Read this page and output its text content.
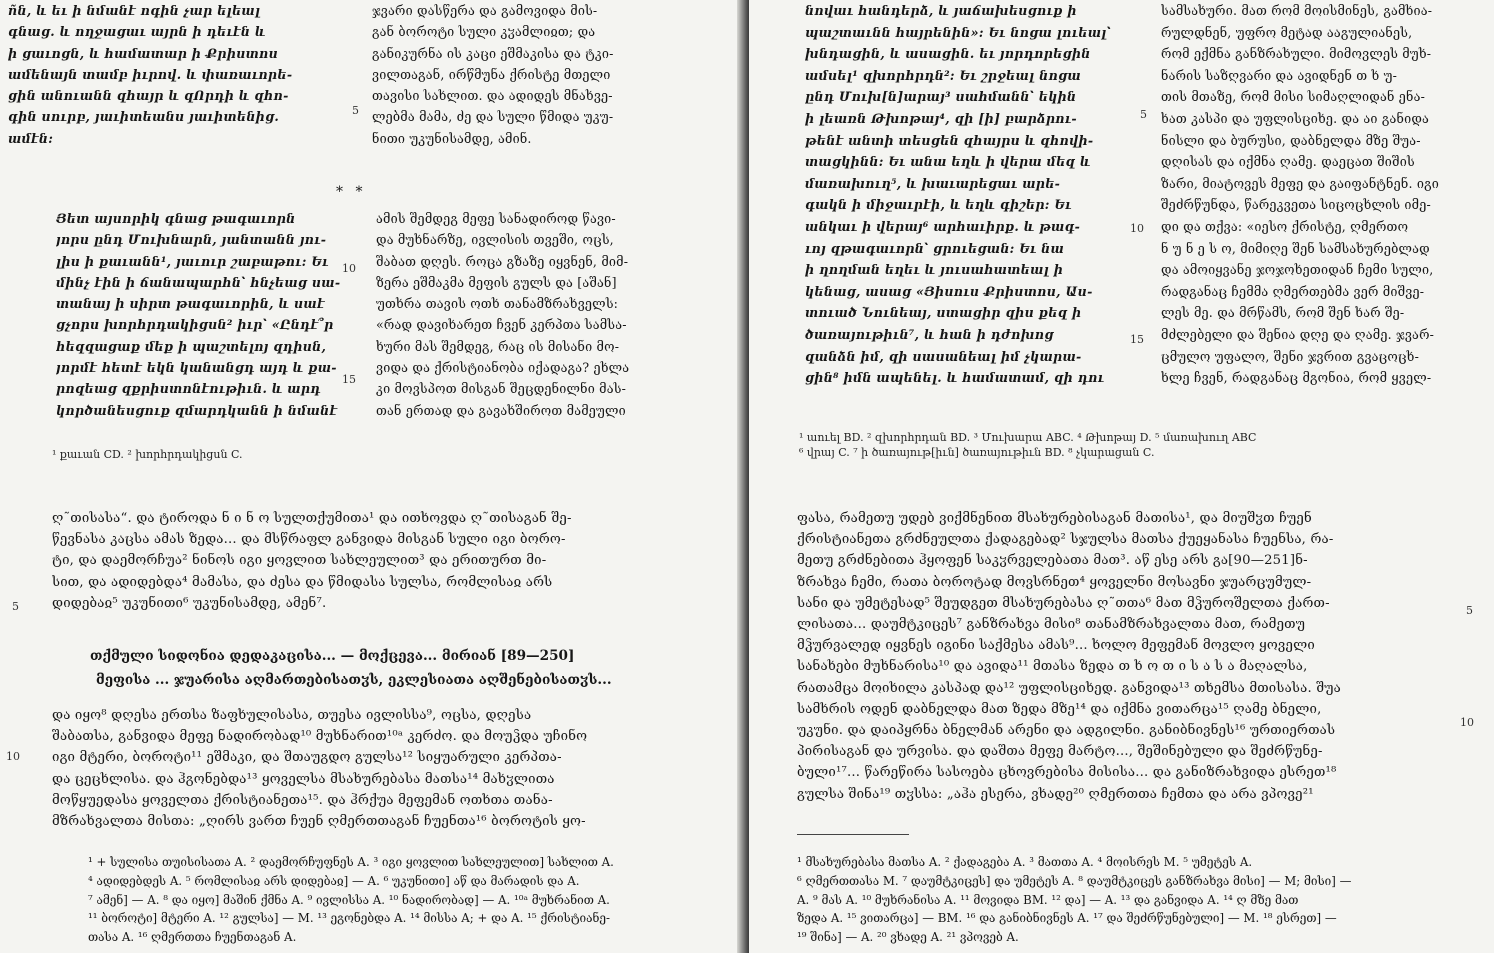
ñն, և եւ ի նմանէ ոգին չար ելեալ
գնաց. և ողջացաւ այրն ի դեւէն և
ի ցաւոցն, և համատար ի Քրիստոս
ամենայն տամբ իւրով. և փառաւորե-
ցին անուանն զհայր և զՈրդի և զհո-
գին սուրբ, յաւիտեանս յաւիտենից.
ամէն:
ჯვარი დასწერა და გამოვიდა მის-
გან ბოროტი სული კჳამლიჲთ; და
განიკურნა ის კაცი ეშმაკისა და ტკი-
ვილთაგან, ირწმუნა ქრისტე მთელი
თავისი სახლით. და ადიდეს მნახვე-
ლებმა მამა, ძე და სული წმიდა უკუ-
ნითი უკუნისამდე, ამინ.
5
* *
Յետ այսորիկ գնաց թագաւորն
յորս ընդ Մուխնարն, յանտանն յու-
լիս ի քաւանն¹, յաւուր շաբաթու: Եւ
մինչ էին ի ճանապարհն՝ հնչեաց սա-
տանայ ի սիրտ թագաւորին, և սաէ
ցչորս խորհրդակիցսն² իւր՝ «Ընդէ՞ր
հեզզացաք մեք ի պաշտելոյ զդիսն,
յորմէ հետէ եկն կանանցդ այդ և քա-
րոզեաց զքրիստոնէութիւն. և արդ
կործանեսցուք զմարդկանն ի նմանէ
10
15
ამის შემდეგ მეფე სანადიროდ წავი-
და მუხნარზე, ივლისის თვეში, ოცს,
შაბათ დღეს. როცა გზაზე იყვნენ, მიმ-
ზერა ეშმაკმა მეფის გულს და [აშან]
უთხრა თავის ოთხ თანამზრახველს:
«რად დავიხარეთ ჩვენ კერპთა სამსა-
ხური მას შემდეგ, რაც ის მისანი მო-
ვიდა და ქრისტიანობა იქადაგა? ეხლა
კი მოვსპოთ მისგან შეცდენილნი მას-
თან ერთად და გავახშიროთ მამეული
¹ քաւան CD. ² խորհրդակիցսն C.
ღ˜თისასა“. და ტიროდა ნ ი ნ ო სულთქუმითა¹ და ითხოვდა ღ˜თისაგან შე-
წევნასა კაცსა ამას ზედა... და მსწრაფლ განვიდა მისგან სული იგი ბორო-
ტი, და დაემორჩუა² ნინოს იგი ყოვლით სახლეულით³ და ერითურთ მი-
სით, და ადიდებდა⁴ მამასა, და ძესა და წმიდასა სულსა, რომლისაჲ არს
დიდებაჲ⁵ უკუნითი⁶ უკუნისამდე, ამენ⁷.
5
თქმული სიდონია დედაკაცისა... — მოქცევა... მირიან [89—250]
მეფისა ... ჯუარისა აღმართებისათჳს, ეკლესიათა აღშენებისათჳს...
და იყო⁸ დღესა ერთსა ზაფხულისასა, თუესა ივლისსა⁹, ოცსა, დღესა
შაბათსა, განვიდა მეფე ნადირობად¹⁰ მუხნარით¹⁰ᵃ კერძო. და მოუჴდა უჩინო
იგი მტერი, ბოროტი¹¹ ეშმაკი, და შთაუგდო გულსა¹² სიყუარული კერპთა-
და ცეცხლისა. და ჰგონებდა¹³ ყოველსა მსახურებასა მათსა¹⁴ მახჳლითა
მოწყუედასა ყოველთა ქრისტიანეთა¹⁵. და ჰრქუა მეფემან ოთხთა თანა-
მზრახვალთა მისთა: „ღირს ვართ ჩუენ ღმერთთაგან ჩუენთა¹⁶ ბოროტის ყო-
10
¹ + სულისა თუისისათა A. ² დაემორჩუფნეს A. ³ იგი ყოვლით სახლეულით] სახლით A.
⁴ ადიდებდეს A. ⁵ რომლისაჲ არს დიდებაჲ] — A. ⁶ უკუნითი] აწ და მარადის და A.
⁷ ამენ] — A. ⁸ და იყო] მაშინ ქმნა A. ⁹ ივლისსა A. ¹⁰ ნადირობად] — A. ¹⁰ᵃ მუხრანით A.
¹¹ ბოროტი] მტერი A. ¹² გულსა] — M. ¹³ ეგონებდა A. ¹⁴ მისსა A; + და A. ¹⁵ ქრისტიანე-
თასა A. ¹⁶ ღმერთთა ჩუენთაგან A.
նովաւ հանդերձ, և յաճախեսցուք ի
պաշտաւնն հայրենին»: Եւ նոցա լուեալ՝
խնդացին, և ասացին. եւ յորդորեցին
ամսել¹ զխորհրդն²: Եւ շրջեալ նոցա
ընդ Մուխ[ն]արայ³ սահմանն՝ եկին
ի լեառն Թխոթայ⁴, զի [ի] բարձրու-
թենէ անտի տեսցեն զհայրս և զհովի-
տացկինն: Եւ անա եղև ի վերա մեզ և
մառախուղ⁵, և խաւարեցաւ արե-
գակն ի միջաւրէի, և եղև գիշեր: Եւ
անկաւ ի վերայ⁶ արհաւիրք. և թագ-
ւոյ զթագաւորն՝ ցրուեցան: Եւ նա
ի ղողման եղեւ և յուսահատեալ ի
կենաց, ասաց «Յիսուս Քրիստոս, Աս-
տուած Նունեայ, ստացիր զիս քեզ ի
ծառայութիւն⁷, և հան ի դժոխոց
զանձն իմ, զի սասանեալ իմ չկարա-
ցին⁸ իմն ապենել. և համատամ, զի դու
5
10
15
სამსახური. მათ რომ მოისმინეს, გამხია-
რულდნენ, უფრო მეტად ააგულიანეს,
რომ ექმნა განზრახული. მიმოვლეს მუხ-
ნარის საზღვარი და ავიდნენ თ ხ უ-
თის მთაზე, რომ მისი სიმაღლიდან ენა-
ხათ კასპი და უფლისციხე. და აი განიდა
ნისლი და ბურუსი, დაბნელდა მზე შუა-
დღისას და იქმნა ღამე. დაეცათ შიშის
ზარი, მიატოვეს მეფე და გაიფანტნენ. იგი
შეძრწუნდა, წარეკვეთა სიცოცხლის იმე-
დი და თქვა: «იესო ქრისტე, ღმერთო
ნ უ ნ ე ს ო, მიმიღე შენ სამსახურებლად
და ამოიყვანე ჯოჯოხეთიდან ჩემი სული,
რადგანაც ჩემმა ღმერთებმა ვერ მიშვე-
ლეს მე. და მრწამს, რომ შენ ხარ შე-
მძლებელი და შენია დღე და ღამე. ჯვარ-
ცმულო უფალო, შენი ჯვრით გვაცოცხ-
ხლე ჩვენ, რადგანაც მგონია, რომ ყველ-
¹ աուել BD. ² զխորհրդան BD. ³ Մուխարա ABC. ⁴ Թխոթայ D. ⁵ մառախուղ ABC
⁶ վրայ C. ⁷ ի ծառայութ[իւն] ծառայութիւն BD. ⁸ չկարացան C.
ფასა, რამეთუ უდებ ვიქმნენით მსახურებისაგან მათისა¹, და მიუშჳთ ჩუენ
ქრისტიანეთა გრძნეულთა ქადაგებად² სჯულსა მათსა ქუეყანასა ჩუენსა, რა-
მეთუ გრძნებითა ჰყოფენ საკჳრველებათა მათ³. აწ ესე არს გა[90—251]ნ-
ზრახვა ჩემი, რათა ბოროტად მოვსრნეთ⁴ ყოველნი მოსავნი ჯუარცუმულ-
სანი და უმეტესად⁵ შეუდგეთ მსახურებასა ღ˜თთა⁶ მათ მჴუროშელთა ქართ-
ლისათა... დაუმტკიცეს⁷ განზრახვა მისი⁸ თანამზრახვალთა მათ, რამეთუ
მჴურვალედ იყვნეს იგინი საქმესა ამას⁹... ხოლო მეფემან მოვლო ყოველი
სანახები მუხნარისა¹⁰ და ავიდა¹¹ მთასა ზედა თ ხ ო თ ი ს ა ს ა მაღალსა,
რათამცა მოიხილა კასპად და¹² უფლისციხედ. განვიდა¹³ თხემსა მთისასა. შუა
სამხრის ოდენ დაბნელდა მათ ზედა მზე¹⁴ და იქმნა ვითარცა¹⁵ ღამე ბნელი,
უკუნი. და დაიპყრნა ბნელმან არენი და ადგილნი. განიბნივნეს¹⁶ ურთიერთას
პირისაგან და ურვისა. და დაშთა მეფე მარტო..., შეშინებული და შეძრწუნე-
ბული¹⁷... წარეწირა სასოება ცხოვრებისა მისისა... და განიზრახვიდა ესრეთ¹⁸
გულსა შინა¹⁹ თჳსსა: „აჰა ესერა, ვხადე²⁰ ღმერთთა ჩემთა და არა ვპოვე²¹
5
10
¹ მსახურებასა მათსა A. ² ქადაგება A. ³ მათთა A. ⁴ მოისრეს M. ⁵ უმეტეს A.
⁶ ღმერთთასა M. ⁷ დაუმტკიცეს] და უმეტეს A. ⁸ დაუმტკიცეს განზრახვა მისი] — M; მისი] —
A. ⁹ მას A. ¹⁰ მუხრანისა A. ¹¹ მოვიდა BM. ¹² და] — A. ¹³ და განვიდა A. ¹⁴ ღ მზე მათ
ზედა A. ¹⁵ ვითარცა] — BM. ¹⁶ და განიბნივნეს A. ¹⁷ და შეძრწუნებული] — M. ¹⁸ ესრეთ] —
¹⁹ შინა] — A. ²⁰ ვხადე A. ²¹ ვპოვებ A.
